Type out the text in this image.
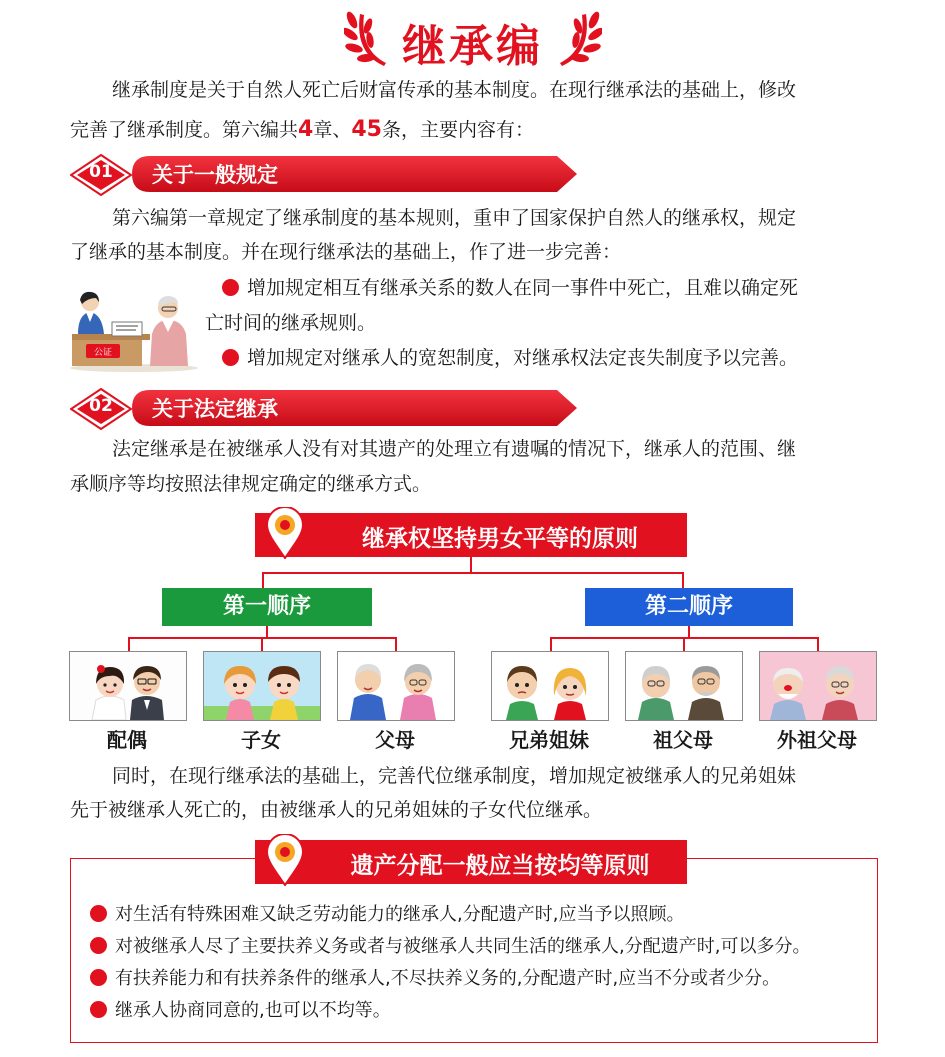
继承编
继承制度是关于自然人死亡后财富传承的基本制度。在现行继承法的基础上，修改
完善了继承制度。第六编共4章、45条，主要内容有：
01	关于一般规定
第六编第一章规定了继承制度的基本规则，重申了国家保护自然人的继承权，规定
了继承的基本制度。并在现行继承法的基础上，作了进一步完善：
公证
增加规定相互有继承关系的数人在同一事件中死亡，且难以确定死
亡时间的继承规则。
增加规定对继承人的宽恕制度，对继承权法定丧失制度予以完善。
02	关于法定继承
法定继承是在被继承人没有对其遗产的处理立有遗嘱的情况下，继承人的范围、继
承顺序等均按照法律规定确定的继承方式。
继承权坚持男女平等的原则
第一顺序	第二顺序
配偶	子女	父母	兄弟姐妹	祖父母	外祖父母
同时，在现行继承法的基础上，完善代位继承制度，增加规定被继承人的兄弟姐妹
先于被继承人死亡的，由被继承人的兄弟姐妹的子女代位继承。
遗产分配一般应当按均等原则
对生活有特殊困难又缺乏劳动能力的继承人,分配遗产时,应当予以照顾。
对被继承人尽了主要扶养义务或者与被继承人共同生活的继承人,分配遗产时,可以多分。
有扶养能力和有扶养条件的继承人,不尽扶养义务的,分配遗产时,应当不分或者少分。
继承人协商同意的,也可以不均等。
